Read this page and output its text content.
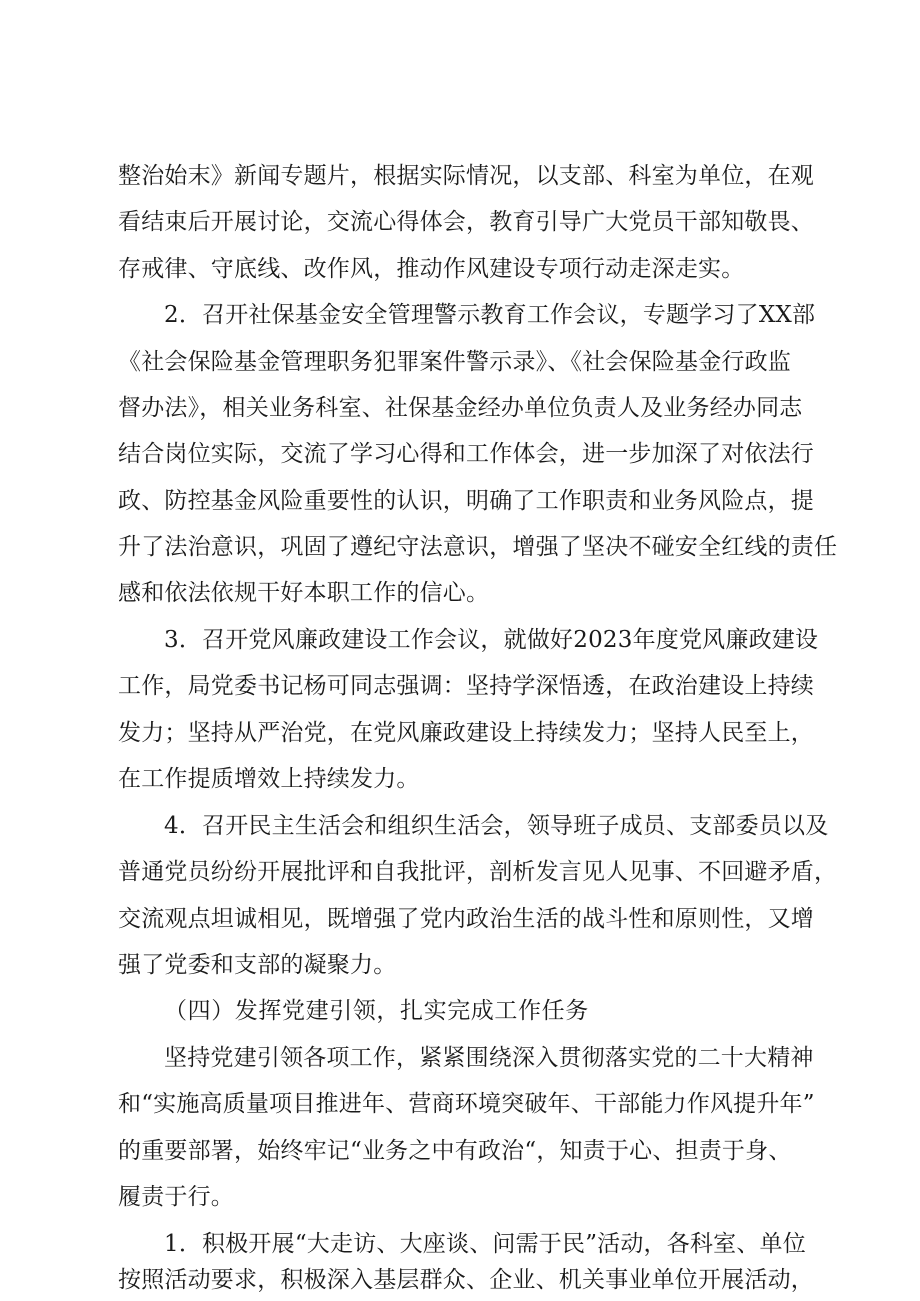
整治始末》新闻专题片，根据实际情况，以支部、科室为单位，在观
看结束后开展讨论，交流心得体会，教育引导广大党员干部知敬畏、
存戒律、守底线、改作风，推动作风建设专项行动走深走实。
2．召开社保基金安全管理警示教育工作会议，专题学习了XX部
《社会保险基金管理职务犯罪案件警示录》、《社会保险基金行政监
督办法》，相关业务科室、社保基金经办单位负责人及业务经办同志
结合岗位实际，交流了学习心得和工作体会，进一步加深了对依法行
政、防控基金风险重要性的认识，明确了工作职责和业务风险点，提
升了法治意识，巩固了遵纪守法意识，增强了坚决不碰安全红线的责任
感和依法依规干好本职工作的信心。
3．召开党风廉政建设工作会议，就做好2023年度党风廉政建设
工作，局党委书记杨可同志强调：坚持学深悟透，在政治建设上持续
发力；坚持从严治党，在党风廉政建设上持续发力；坚持人民至上，
在工作提质增效上持续发力。
4．召开民主生活会和组织生活会，领导班子成员、支部委员以及
普通党员纷纷开展批评和自我批评，剖析发言见人见事、不回避矛盾，
交流观点坦诚相见，既增强了党内政治生活的战斗性和原则性，又增
强了党委和支部的凝聚力。
（四）发挥党建引领，扎实完成工作任务
坚持党建引领各项工作，紧紧围绕深入贯彻落实党的二十大精神
和“实施高质量项目推进年、营商环境突破年、干部能力作风提升年”
的重要部署，始终牢记“业务之中有政治“，知责于心、担责于身、
履责于行。
1．积极开展“大走访、大座谈、问需于民”活动，各科室、单位
按照活动要求，积极深入基层群众、企业、机关事业单位开展活动，
